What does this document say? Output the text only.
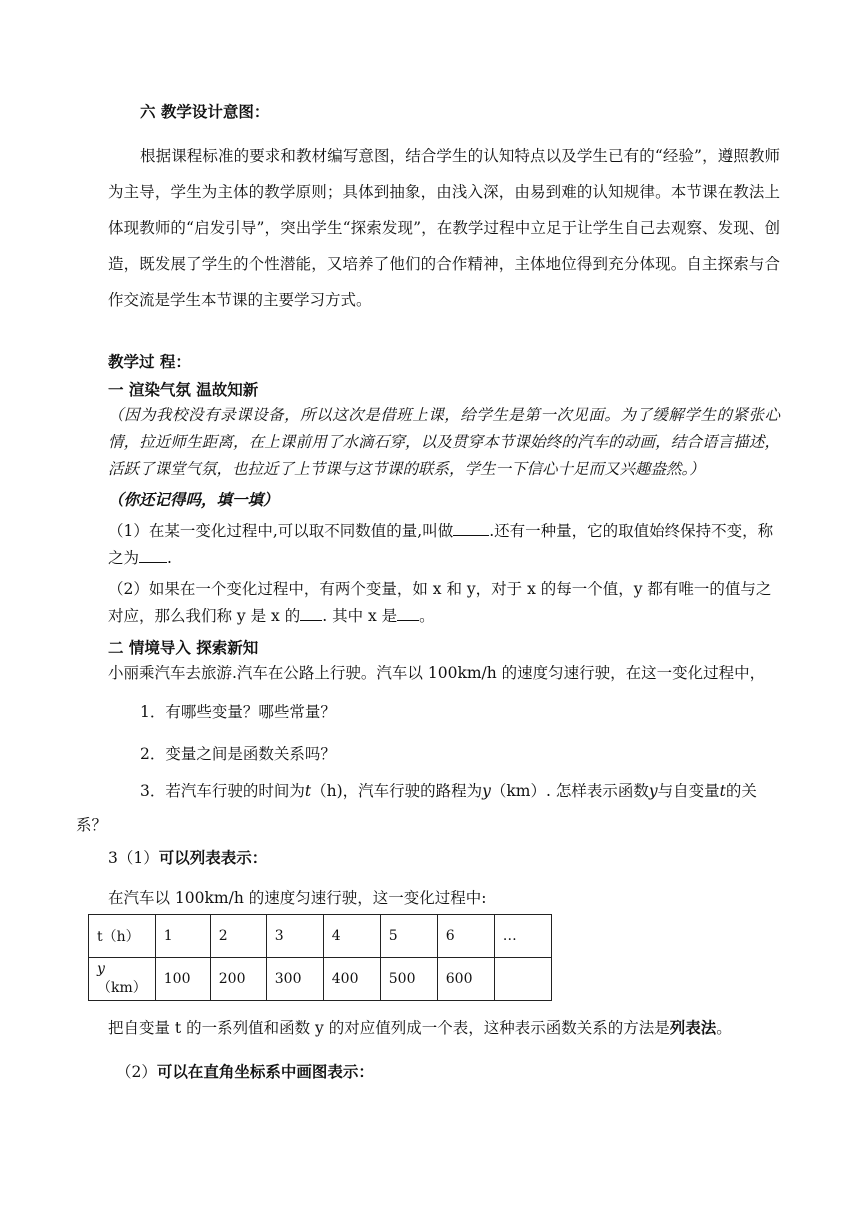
六 教学设计意图：

根据课程标准的要求和教材编写意图，结合学生的认知特点以及学生已有的“经验”，遵照教师为主导，学生为主体的教学原则；具体到抽象，由浅入深，由易到难的认知规律。本节课在教法上体现教师的“启发引导”，突出学生“探索发现”，在教学过程中立足于让学生自己去观察、发现、创造，既发展了学生的个性潜能，又培养了他们的合作精神，主体地位得到充分体现。自主探索与合作交流是学生本节课的主要学习方式。

教学过 程：
一 渲染气氛 温故知新

（因为我校没有录课设备，所以这次是借班上课，给学生是第一次见面。为了缓解学生的紧张心情，拉近师生距离，在上课前用了水滴石穿，以及贯穿本节课始终的汽车的动画，结合语言描述，活跃了课堂气氛，也拉近了上节课与这节课的联系，学生一下信心十足而又兴趣盎然。）

（你还记得吗，填一填）

（1）在某一变化过程中,可以取不同数值的量,叫做 .还有一种量，它的取值始终保持不变，称
之为 .

（2）如果在一个变化过程中，有两个变量，如 x 和 y，对于 x 的每一个值，y 都有唯一的值与之
对应，那么我们称 y 是 x 的 . 其中 x 是 。

二 情境导入 探索新知

小丽乘汽车去旅游.汽车在公路上行驶。汽车以 100km/h 的速度匀速行驶，在这一变化过程中，

1．有哪些变量？哪些常量？
2．变量之间是函数关系吗？

3．若汽车行驶的时间为t（h)，汽车行驶的路程为y（km）. 怎样表示函数y与自变量t的关
系？

3（1）可以列表表示：
在汽车以 100km/h 的速度匀速行驶，这一变化过程中:
t（h）	1	2	3	4	5	6	…
y（km）	100	200	300	400	500	600	

把自变量 t 的一系列值和函数 y 的对应值列成一个表，这种表示函数关系的方法是列表法。

（2）可以在直角坐标系中画图表示：
